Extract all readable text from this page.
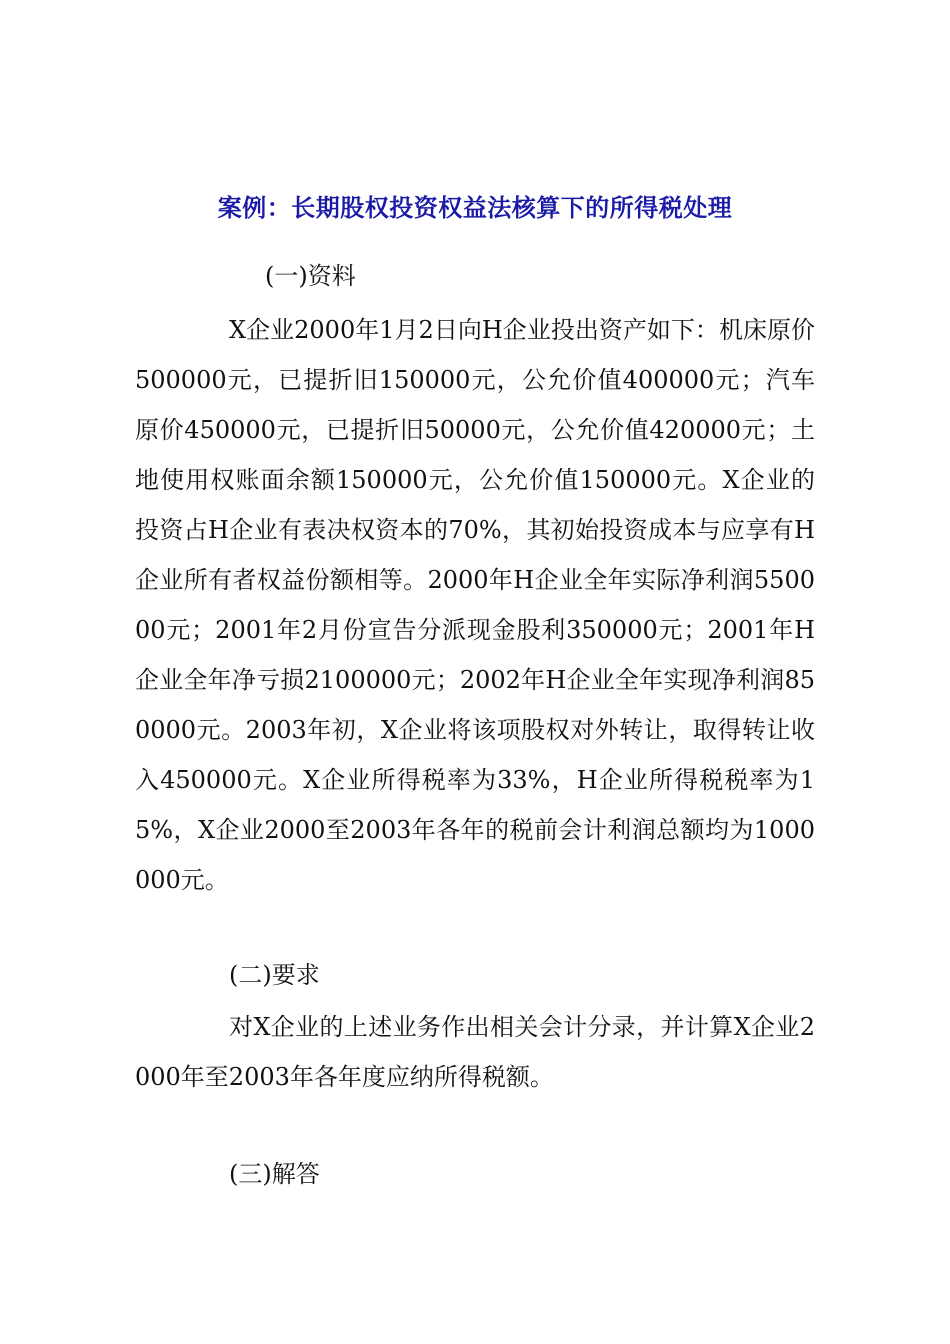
案例：长期股权投资权益法核算下的所得税处理
(一)资料
X企业2000年1月2日向H企业投出资产如下：机床原价500000元，已提折旧150000元，公允价值400000元；汽车原价450000元，已提折旧50000元，公允价值420000元；土地使用权账面余额150000元，公允价值150000元。X企业的投资占H企业有表决权资本的70%，其初始投资成本与应享有H企业所有者权益份额相等。2000年H企业全年实际净利润550000元；2001年2月份宣告分派现金股利350000元；2001年H企业全年净亏损2100000元；2002年H企业全年实现净利润850000元。2003年初，X企业将该项股权对外转让，取得转让收入450000元。X企业所得税率为33%，H企业所得税税率为15%，X企业2000至2003年各年的税前会计利润总额均为1000000元。
(二)要求
对X企业的上述业务作出相关会计分录，并计算X企业2000年至2003年各年度应纳所得税额。
(三)解答
